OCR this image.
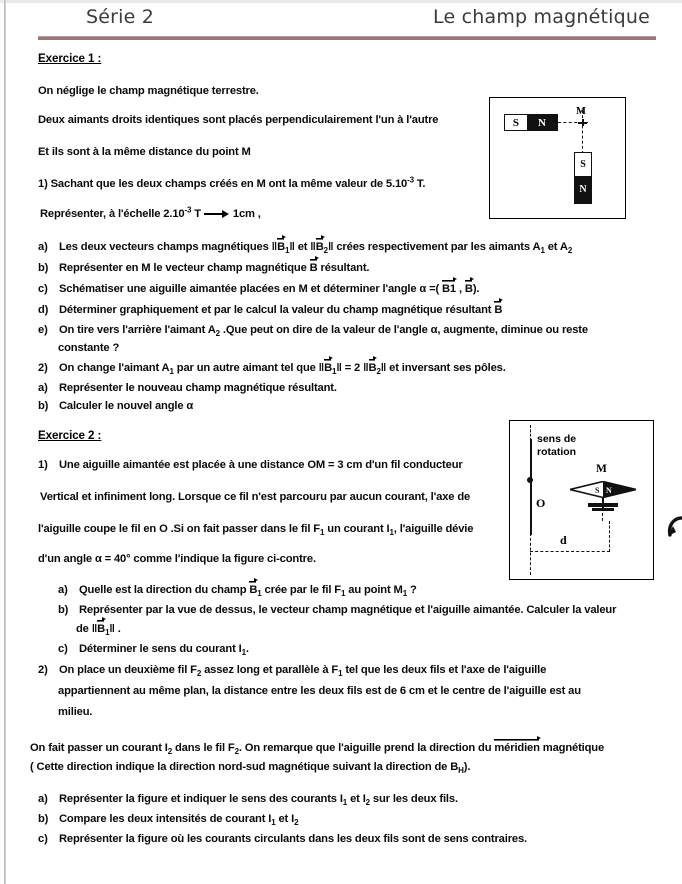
Série 2	Le champ magnétique
Exercice 1 :
On néglige le champ magnétique terrestre.
Deux aimants droits identiques sont placés perpendiculairement l'un à l'autre
Et ils sont à la même distance du point M
1) Sachant que les deux champs créés en M ont la même valeur de $5.10^{-3}$ T.
Représenter, à l'échelle $2.10^{-3}$ T	1cm ,
a) Les deux vecteurs champs magnétiques $‖B_1‖$ et $‖B_2‖$ crées respectivement par les aimants $A_1$ et $A_2$
b) Représenter en M le vecteur champ magnétique B résultant.
c) Schématiser une aiguille aimantée placées en M et déterminer l'angle α =( B1 , B).
d) Déterminer graphiquement et par le calcul la valeur du champ magnétique résultant B
e) On tire vers l'arrière l'aimant $A_2$ .Que peut on dire de la valeur de l'angle α, augmente, diminue ou reste
constante ?
2) On change l'aimant $A_1$ par un autre aimant tel que $‖B_1‖ = 2$ $‖B_2‖$ et inversant ses pôles.
a) Représenter le nouveau champ magnétique résultant.
b) Calculer le nouvel angle α
S	N
M
S
N
Exercice 2 :
1) Une aiguille aimantée est placée à une distance OM = 3 cm d'un fil conducteur
Vertical et infiniment long. Lorsque ce fil n'est parcouru par aucun courant, l'axe de
l'aiguille coupe le fil en O .Si on fait passer dans le fil $F_1$ un courant $I_1$, l'aiguille dévie
d'un angle α = 40° comme l'indique la figure ci-contre.
a) Quelle est la direction du champ $B_1$ crée par le fil $F_1$ au point $M_1$ ?
b) Représenter par la vue de dessus, le vecteur champ magnétique et l'aiguille aimantée. Calculer la valeur
de $‖B_1‖$ .
c) Déterminer le sens du courant $I_1$.
2) On place un deuxième fil $F_2$ assez long et parallèle à $F_1$ tel que les deux fils et l'axe de l'aiguille
appartiennent au même plan, la distance entre les deux fils est de 6 cm et le centre de l'aiguille est au
milieu.
On fait passer un courant $I_2$ dans le fil $F_2$. On remarque que l'aiguille prend la direction du méridien magnétique
( Cette direction indique la direction nord-sud magnétique suivant la direction de $B_H$).
a) Représenter la figure et indiquer le sens des courants $I_1$ et $I_2$ sur les deux fils.
b) Compare les deux intensités de courant $I_1$ et $I_2$
c) Représenter la figure où les courants circulants dans les deux fils sont de sens contraires.
O
sens de
rotation
M
S N
d
